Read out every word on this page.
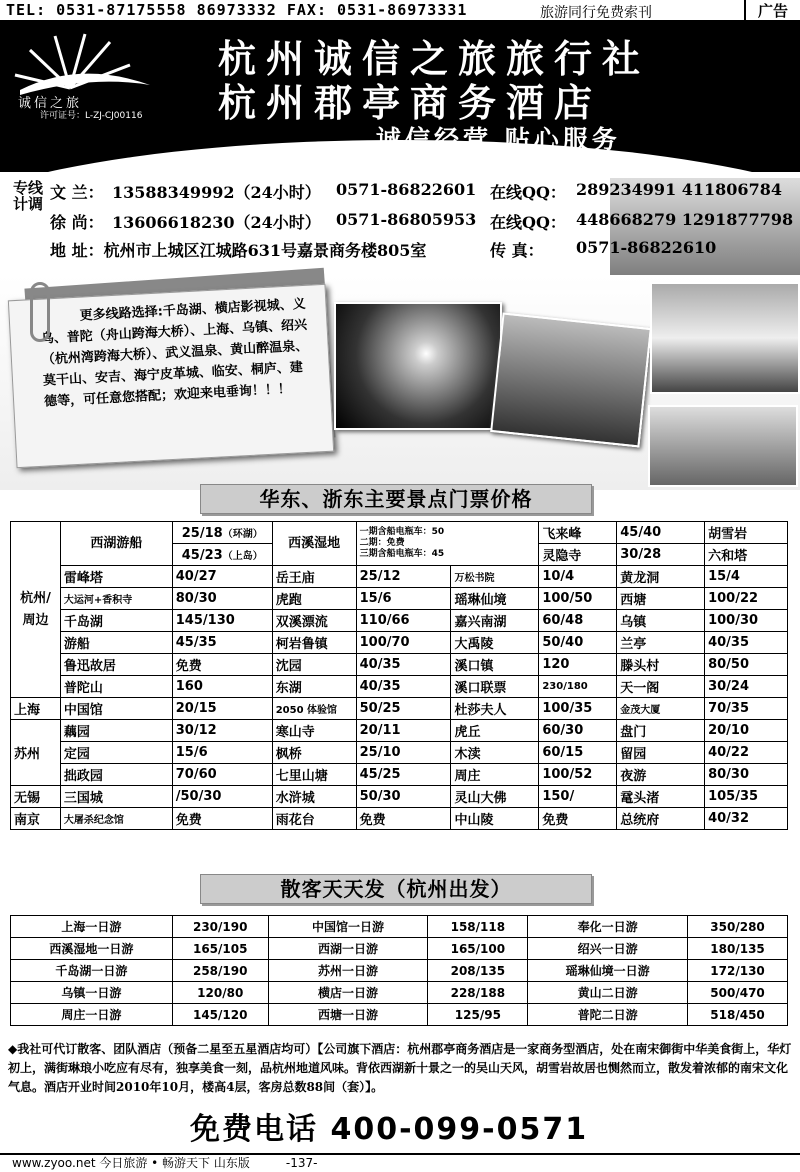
TEL: 0531-87175558 86973332 FAX: 0531-86973331	旅游同行免费索刊	广告
诚信之旅
许可证号：L-ZJ-CJ00116
杭州诚信之旅旅行社
杭州郡亭商务酒店
诚信经营 贴心服务
专线计调
文 兰： 13588349992（24小时） 0571-86822601 在线QQ： 289234991 411806784
徐 尚： 13606618230（24小时） 0571-86805953 在线QQ： 448668279 1291877798
地 址：杭州市上城区江城路631号嘉景商务楼805室	传 真： 0571-86822610

更多线路选择:千岛湖、横店影视城、义乌、普陀（舟山跨海大桥）、上海、乌镇、绍兴（杭州湾跨海大桥）、武义温泉、黄山醉温泉、莫干山、安吉、海宁皮革城、临安、桐庐、建德等，可任意您搭配；欢迎来电垂询！！！

华东、浙东主要景点门票价格
杭州/周边	西湖游船	25/18（环湖）	西溪湿地	一期含船电瓶车：50
二期：免费
三期含船电瓶车：45		飞来峰	45/40	胡雪岩
		45/23（上岛）				灵隐寺	30/28	六和塔
	雷峰塔	40/27	岳王庙	25/12	万松书院	10/4	黄龙洞	15/4
	大运河+香积寺	80/30	虎跑	15/6	瑶琳仙境	100/50	西塘	100/22
	千岛湖	145/130	双溪漂流	110/66	嘉兴南湖	60/48	乌镇	100/30
	游船	45/35	柯岩鲁镇	100/70	大禹陵	50/40	兰亭	40/35
	鲁迅故居	免费	沈园	40/35	溪口镇	120	滕头村	80/50
	普陀山	160	东湖	40/35	溪口联票	230/180	天一阁	30/24
上海	中国馆	20/15	2050 体验馆	50/25	杜莎夫人	100/35	金茂大厦	70/35
苏州	藕园	30/12	寒山寺	20/11	虎丘	60/30	盘门	20/10
	定园	15/6	枫桥	25/10	木渎	60/15	留园	40/22
	拙政园	70/60	七里山塘	45/25	周庄	100/52	夜游	80/30
无锡	三国城	/50/30	水浒城	50/30	灵山大佛	150/	鼋头渚	105/35
南京	大屠杀纪念馆	免费	雨花台	免费	中山陵	免费	总统府	40/32
散客天天发（杭州出发）
上海一日游	230/190	中国馆一日游	158/118	奉化一日游	350/280
西溪湿地一日游	165/105	西湖一日游	165/100	绍兴一日游	180/135
千岛湖一日游	258/190	苏州一日游	208/135	瑶琳仙境一日游	172/130
乌镇一日游	120/80	横店一日游	228/188	黄山二日游	500/470
周庄一日游	145/120	西塘一日游	125/95	普陀二日游	518/450
◆我社可代订散客、团队酒店（预备二星至五星酒店均可）【公司旗下酒店：杭州郡亭商务酒店是一家商务型酒店，处在南宋御街中华美食街上，华灯初上，满街琳琅小吃应有尽有，独享美食一刻，品杭州地道风味。背依西湖新十景之一的吴山天风，胡雪岩故居也恻然而立，散发着浓郁的南宋文化气息。酒店开业时间2010年10月，楼高4层，客房总数88间（套）】。
免费电话 400-099-0571
www.zyoo.net 今日旅游 • 畅游天下 山东版　　　-137-
